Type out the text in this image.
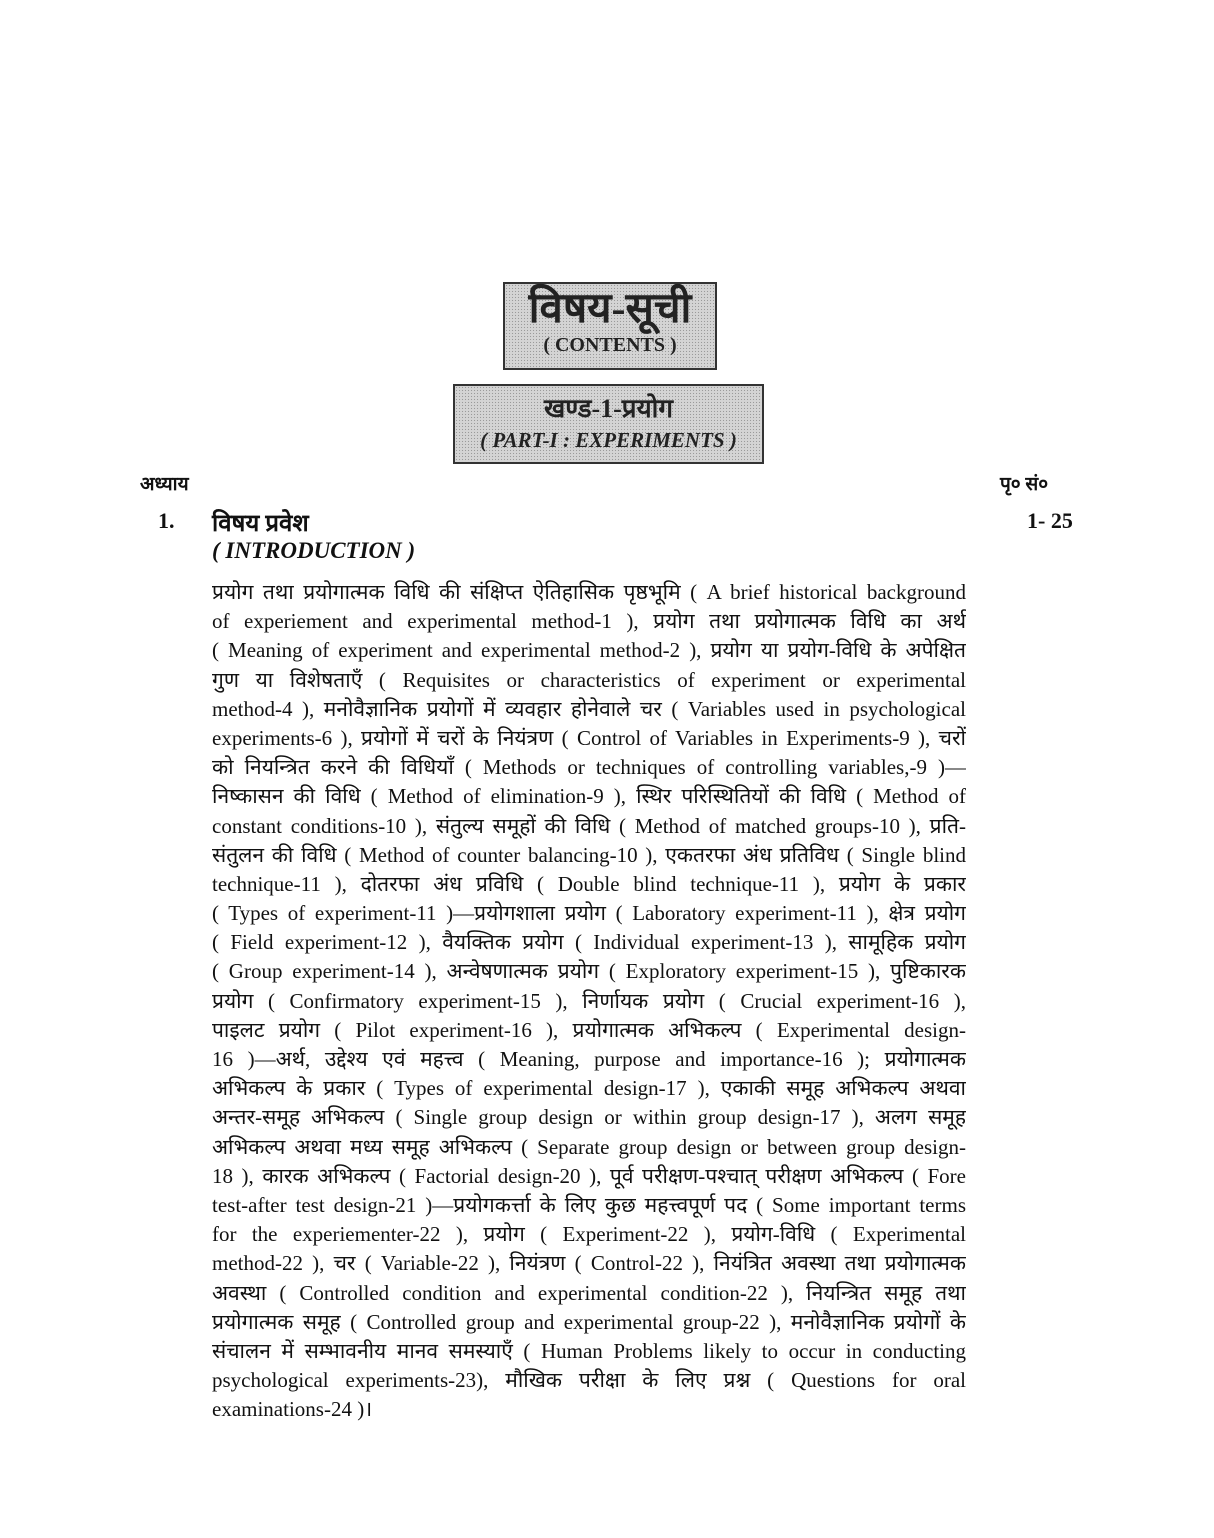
विषय-सूची
( CONTENTS )
खण्ड-1-प्रयोग
( PART-I : EXPERIMENTS )
अध्याय	पृ० सं०
1. विषय प्रवेश
( INTRODUCTION )
1- 25
प्रयोग तथा प्रयोगात्मक विधि की संक्षिप्त ऐतिहासिक पृष्ठभूमि ( A brief historical background
of experiement and experimental method-1 ), प्रयोग तथा प्रयोगात्मक विधि का अर्थ
( Meaning of experiment and experimental method-2 ), प्रयोग या प्रयोग-विधि के अपेक्षित
गुण या विशेषताएँ ( Requisites or characteristics of experiment or experimental
method-4 ), मनोवैज्ञानिक प्रयोगों में व्यवहार होनेवाले चर ( Variables used in psychological
experiments-6 ), प्रयोगों में चरों के नियंत्रण ( Control of Variables in Experiments-9 ), चरों
को नियन्त्रित करने की विधियाँ ( Methods or techniques of controlling variables,-9 )—
निष्कासन की विधि ( Method of elimination-9 ), स्थिर परिस्थितियों की विधि ( Method of
constant conditions-10 ), संतुल्य समूहों की विधि ( Method of matched groups-10 ), प्रति-
संतुलन की विधि ( Method of counter balancing-10 ), एकतरफा अंध प्रतिविध ( Single blind
technique-11 ), दोतरफा अंध प्रविधि ( Double blind technique-11 ), प्रयोग के प्रकार
( Types of experiment-11 )—प्रयोगशाला प्रयोग ( Laboratory experiment-11 ), क्षेत्र प्रयोग
( Field experiment-12 ), वैयक्तिक प्रयोग ( Individual experiment-13 ), सामूहिक प्रयोग
( Group experiment-14 ), अन्वेषणात्मक प्रयोग ( Exploratory experiment-15 ), पुष्टिकारक
प्रयोग ( Confirmatory experiment-15 ), निर्णायक प्रयोग ( Crucial experiment-16 ),
पाइलट प्रयोग ( Pilot experiment-16 ), प्रयोगात्मक अभिकल्प ( Experimental design-
16 )—अर्थ, उद्देश्य एवं महत्त्व ( Meaning, purpose and importance-16 ); प्रयोगात्मक
अभिकल्प के प्रकार ( Types of experimental design-17 ), एकाकी समूह अभिकल्प अथवा
अन्तर-समूह अभिकल्प ( Single group design or within group design-17 ), अलग समूह
अभिकल्प अथवा मध्य समूह अभिकल्प ( Separate group design or between group design-
18 ), कारक अभिकल्प ( Factorial design-20 ), पूर्व परीक्षण-पश्चात् परीक्षण अभिकल्प ( Fore
test-after test design-21 )—प्रयोगकर्त्ता के लिए कुछ महत्त्वपूर्ण पद ( Some important terms
for the experiementer-22 ), प्रयोग ( Experiment-22 ), प्रयोग-विधि ( Experimental
method-22 ), चर ( Variable-22 ), नियंत्रण ( Control-22 ), नियंत्रित अवस्था तथा प्रयोगात्मक
अवस्था ( Controlled condition and experimental condition-22 ), नियन्त्रित समूह तथा
प्रयोगात्मक समूह ( Controlled group and experimental group-22 ), मनोवैज्ञानिक प्रयोगों के
संचालन में सम्भावनीय मानव समस्याएँ ( Human Problems likely to occur in conducting
psychological experiments-23), मौखिक परीक्षा के लिए प्रश्न ( Questions for oral
examinations-24 )।
